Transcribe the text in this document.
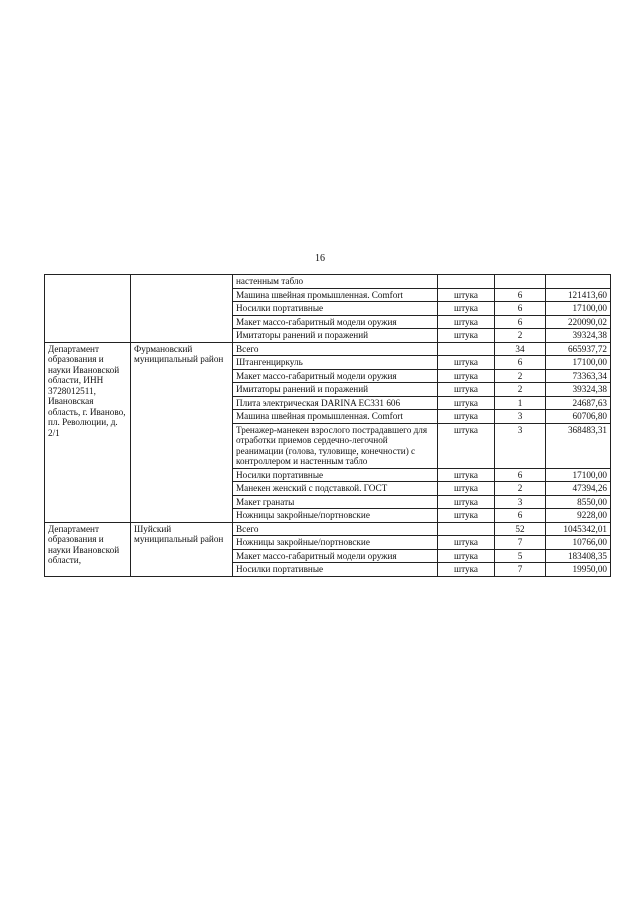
16
		настенным табло			
		Машина швейная промышленная. Comfort	штука	6	121413,60
		Носилки портативные	штука	6	17100,00
		Макет массо-габаритный модели оружия	штука	6	220090,02
		Имитаторы ранений и поражений	штука	2	39324,38
Департамент образования и науки Ивановской области, ИНН 3728012511, Ивановская область, г. Иваново, пл. Революции, д. 2/1	Фурмановский муниципальный район	Всего		34	665937,72
		Штангенциркуль	штука	6	17100,00
		Макет массо-габаритный модели оружия	штука	2	73363,34
		Имитаторы ранений и поражений	штука	2	39324,38
		Плита электрическая DARINA ЕС331 606	штука	1	24687,63
		Машина швейная промышленная. Comfort	штука	3	60706,80
		Тренажер-манекен взрослого пострадавшего для отработки приемов сердечно-легочной реанимации (голова, туловище, конечности) с контроллером и настенным табло	штука	3	368483,31
		Носилки портативные	штука	6	17100,00
		Манекен женский с подставкой. ГОСТ	штука	2	47394,26
		Макет гранаты	штука	3	8550,00
		Ножницы закройные/портновские	штука	6	9228,00
Департамент образования и науки Ивановской области,	Шуйский муниципальный район	Всего		52	1045342,01
		Ножницы закройные/портновские	штука	7	10766,00
		Макет массо-габаритный модели оружия	штука	5	183408,35
		Носилки портативные	штука	7	19950,00
